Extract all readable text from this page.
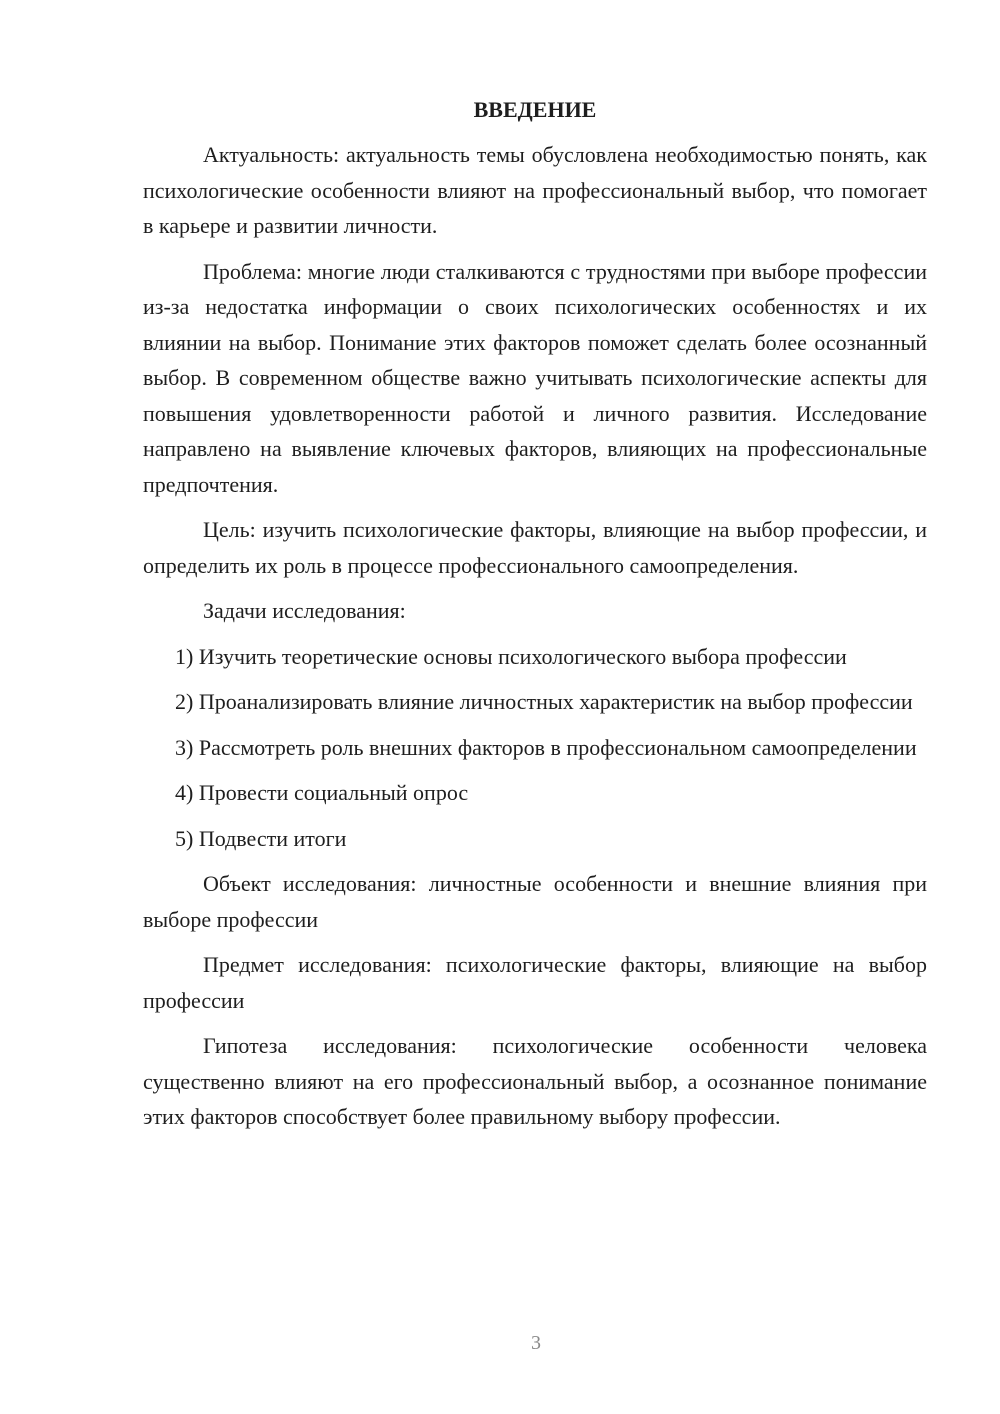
ВВЕДЕНИЕ

Актуальность: актуальность темы обусловлена необходимостью понять, как психологические особенности влияют на профессиональный выбор, что помогает в карьере и развитии личности.

Проблема: многие люди сталкиваются с трудностями при выборе профессии из-за недостатка информации о своих психологических особенностях и их влиянии на выбор. Понимание этих факторов поможет сделать более осознанный выбор. В современном обществе важно учитывать психологические аспекты для повышения удовлетворенности работой и личного развития. Исследование направлено на выявление ключевых факторов, влияющих на профессиональные предпочтения.

Цель: изучить психологические факторы, влияющие на выбор профессии, и определить их роль в процессе профессионального самоопределения.

Задачи исследования:

1) Изучить теоретические основы психологического выбора профессии

2) Проанализировать влияние личностных характеристик на выбор профессии

3) Рассмотреть роль внешних факторов в профессиональном самоопределении

4) Провести социальный опрос

5) Подвести итоги

Объект исследования: личностные особенности и внешние влияния при выборе профессии

Предмет исследования: психологические факторы, влияющие на выбор профессии

Гипотеза исследования: психологические особенности человека существенно влияют на его профессиональный выбор, а осознанное понимание этих факторов способствует более правильному выбору профессии.

3
